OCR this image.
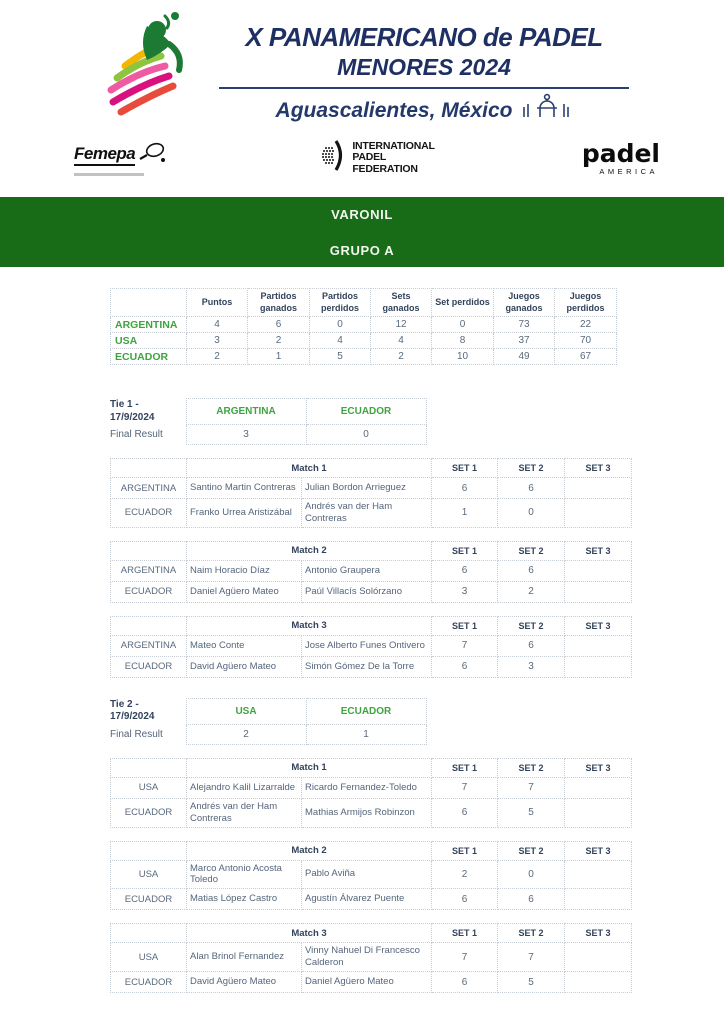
X PANAMERICANO de PADEL
MENORES 2024
Aguascalientes, México
Femepa	INTERNATIONAL
PADEL
FEDERATION
padel
AMERICA
VARONIL
GRUPO A
	Puntos	Partidos ganados	Partidos perdidos	Sets ganados	Set perdidos	Juegos ganados	Juegos perdidos
ARGENTINA	4	6	0	12	0	73	22
USA	3	2	4	4	8	37	70
ECUADOR	2	1	5	2	10	49	67
Tie 1 -
17/9/2024	ARGENTINA	ECUADOR
Final Result	3	0
	Match 1		SET 1	SET 2	SET 3
ARGENTINA	Santino Martin Contreras	Julian Bordon Arrieguez	6	6	
ECUADOR	Franko Urrea Aristizábal	Andrés van der Ham Contreras	1	0	
	Match 2		SET 1	SET 2	SET 3
ARGENTINA	Naim Horacio Díaz	Antonio Graupera	6	6	
ECUADOR	Daniel Agüero Mateo	Paúl Villacís Solórzano	3	2	
	Match 3		SET 1	SET 2	SET 3
ARGENTINA	Mateo Conte	Jose Alberto Funes Ontivero	7	6	
ECUADOR	David Agüero Mateo	Simón Gómez De la Torre	6	3	
Tie 2 -
17/9/2024	USA	ECUADOR
Final Result	2	1
	Match 1		SET 1	SET 2	SET 3
USA	Alejandro Kalil Lizarralde	Ricardo Fernandez-Toledo	7	7	
ECUADOR	Andrés van der Ham Contreras	Mathias Armijos Robinzon	6	5	
	Match 2		SET 1	SET 2	SET 3
USA	Marco Antonio Acosta Toledo	Pablo Aviña	2	0	
ECUADOR	Matias López Castro	Agustín Álvarez Puente	6	6	
	Match 3		SET 1	SET 2	SET 3
USA	Alan Brinol Fernandez	Vinny Nahuel Di Francesco Calderon	7	7	
ECUADOR	David Agüero Mateo	Daniel Agüero Mateo	6	5	
